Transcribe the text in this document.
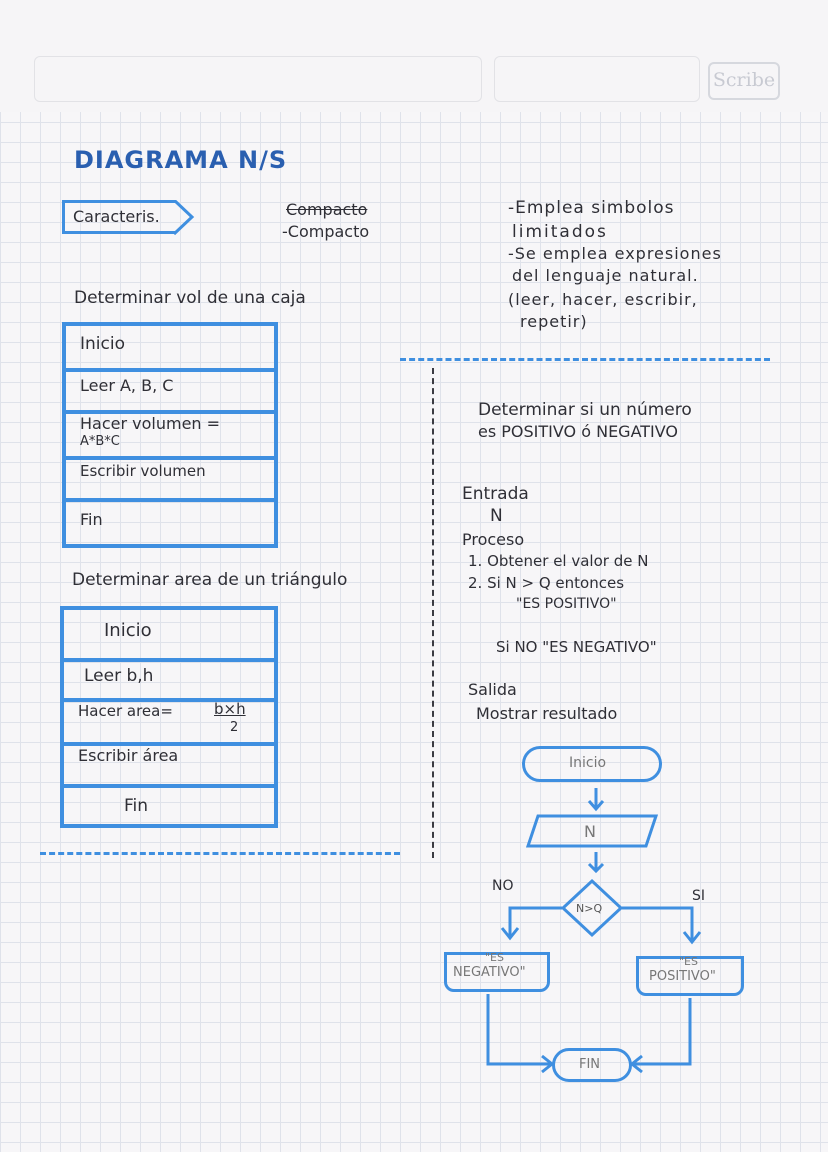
Scribe
DIAGRAMA N/S
Caracteris.	Compacto
-Compacto
-Emplea simbolos
limitados
-Se emplea expresiones
del lenguaje natural.
(leer, hacer, escribir,
repetir)
Determinar vol de una caja
Inicio
Leer A, B, C
Hacer volumen =
A*B*C
Escribir volumen
Fin
Determinar area de un triángulo
Inicio
Leer b,h
Hacer area=	b×h
2
Escribir área
Fin
Determinar si un número
es POSITIVO ó NEGATIVO
Entrada
N
Proceso
1. Obtener el valor de N
2. Si N > Q entonces
"ES POSITIVO"
Si NO "ES NEGATIVO"
Salida
Mostrar resultado
Inicio
N
N>Q
NO
SI
"ES
NEGATIVO"
"ES
POSITIVO"
FIN
